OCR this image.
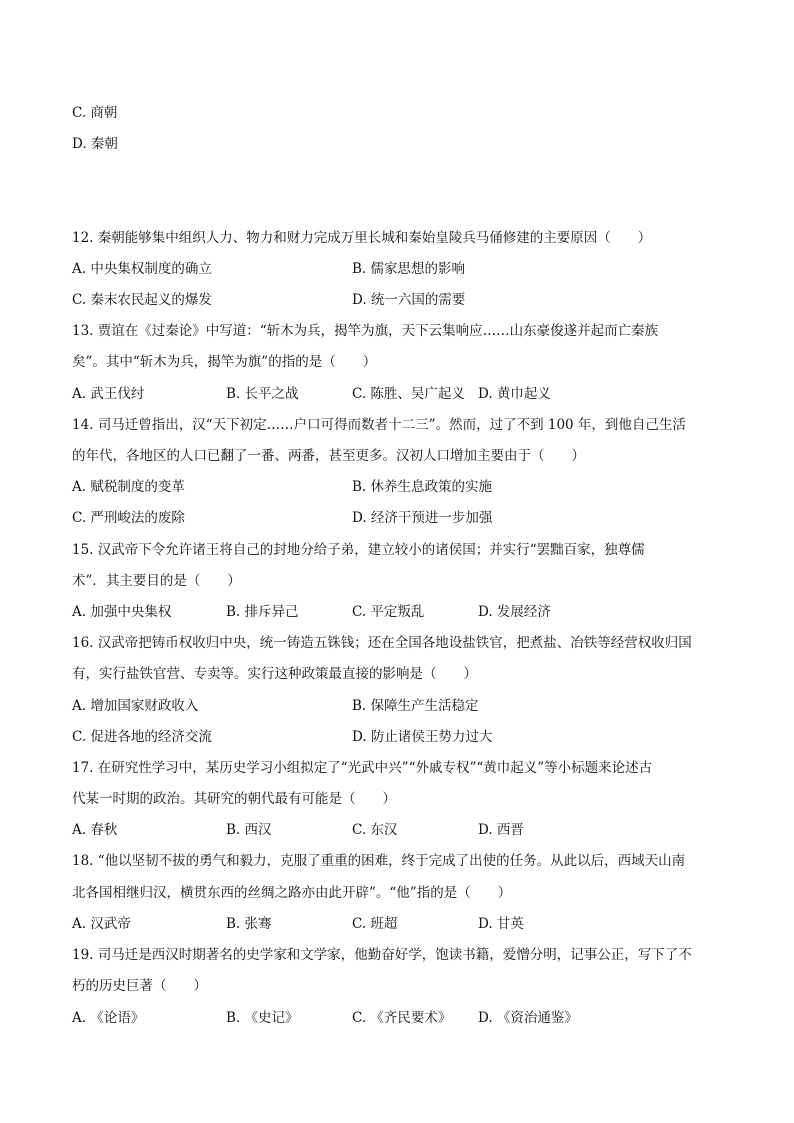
C. 商朝
D. 秦朝
12. 秦朝能够集中组织人力、物力和财力完成万里长城和秦始皇陵兵马俑修建的主要原因（　　）
A. 中央集权制度的确立	B. 儒家思想的影响
C. 秦末农民起义的爆发	D. 统一六国的需要
13. 贾谊在《过秦论》中写道：“斩木为兵，揭竿为旗，天下云集响应……山东豪俊遂并起而亡秦族
矣”。其中“斩木为兵，揭竿为旗”的指的是（　　）
A. 武王伐纣	B. 长平之战	C. 陈胜、吴广起义 D. 黄巾起义
14. 司马迁曾指出，汉“天下初定……户口可得而数者十二三”。然而，过了不到 100 年，到他自己生活
的年代，各地区的人口已翻了一番、两番，甚至更多。汉初人口增加主要由于（　　）
A. 赋税制度的变革	B. 休养生息政策的实施
C. 严刑峻法的废除	D. 经济干预进一步加强
15. 汉武帝下令允许诸王将自己的封地分给子弟，建立较小的诸侯国；并实行“罢黜百家，独尊儒
术”．其主要目的是（　　）
A. 加强中央集权	B. 排斥异己	C. 平定叛乱	D. 发展经济
16. 汉武帝把铸币权收归中央，统一铸造五铢钱；还在全国各地设盐铁官，把煮盐、冶铁等经营权收归国
有，实行盐铁官营、专卖等。实行这种政策最直接的影响是（　　）
A. 增加国家财政收入	B. 保障生产生活稳定
C. 促进各地的经济交流	D. 防止诸侯王势力过大
17. 在研究性学习中，某历史学习小组拟定了“光武中兴”“外戚专权”“黄巾起义”等小标题来论述古
代某一时期的政治。其研究的朝代最有可能是（　　）
A. 春秋	B. 西汉	C. 东汉	D. 西晋
18. “他以坚韧不拔的勇气和毅力，克服了重重的困难，终于完成了出使的任务。从此以后，西域天山南
北各国相继归汉，横贯东西的丝绸之路亦由此开辟”。“他”指的是（　　）
A. 汉武帝	B. 张骞	C. 班超	D. 甘英
19. 司马迁是西汉时期著名的史学家和文学家，他勤奋好学，饱读书籍，爱憎分明，记事公正，写下了不
朽的历史巨著（　　）
A. 《论语》	B. 《史记》	C. 《齐民要术》 D. 《资治通鉴》
